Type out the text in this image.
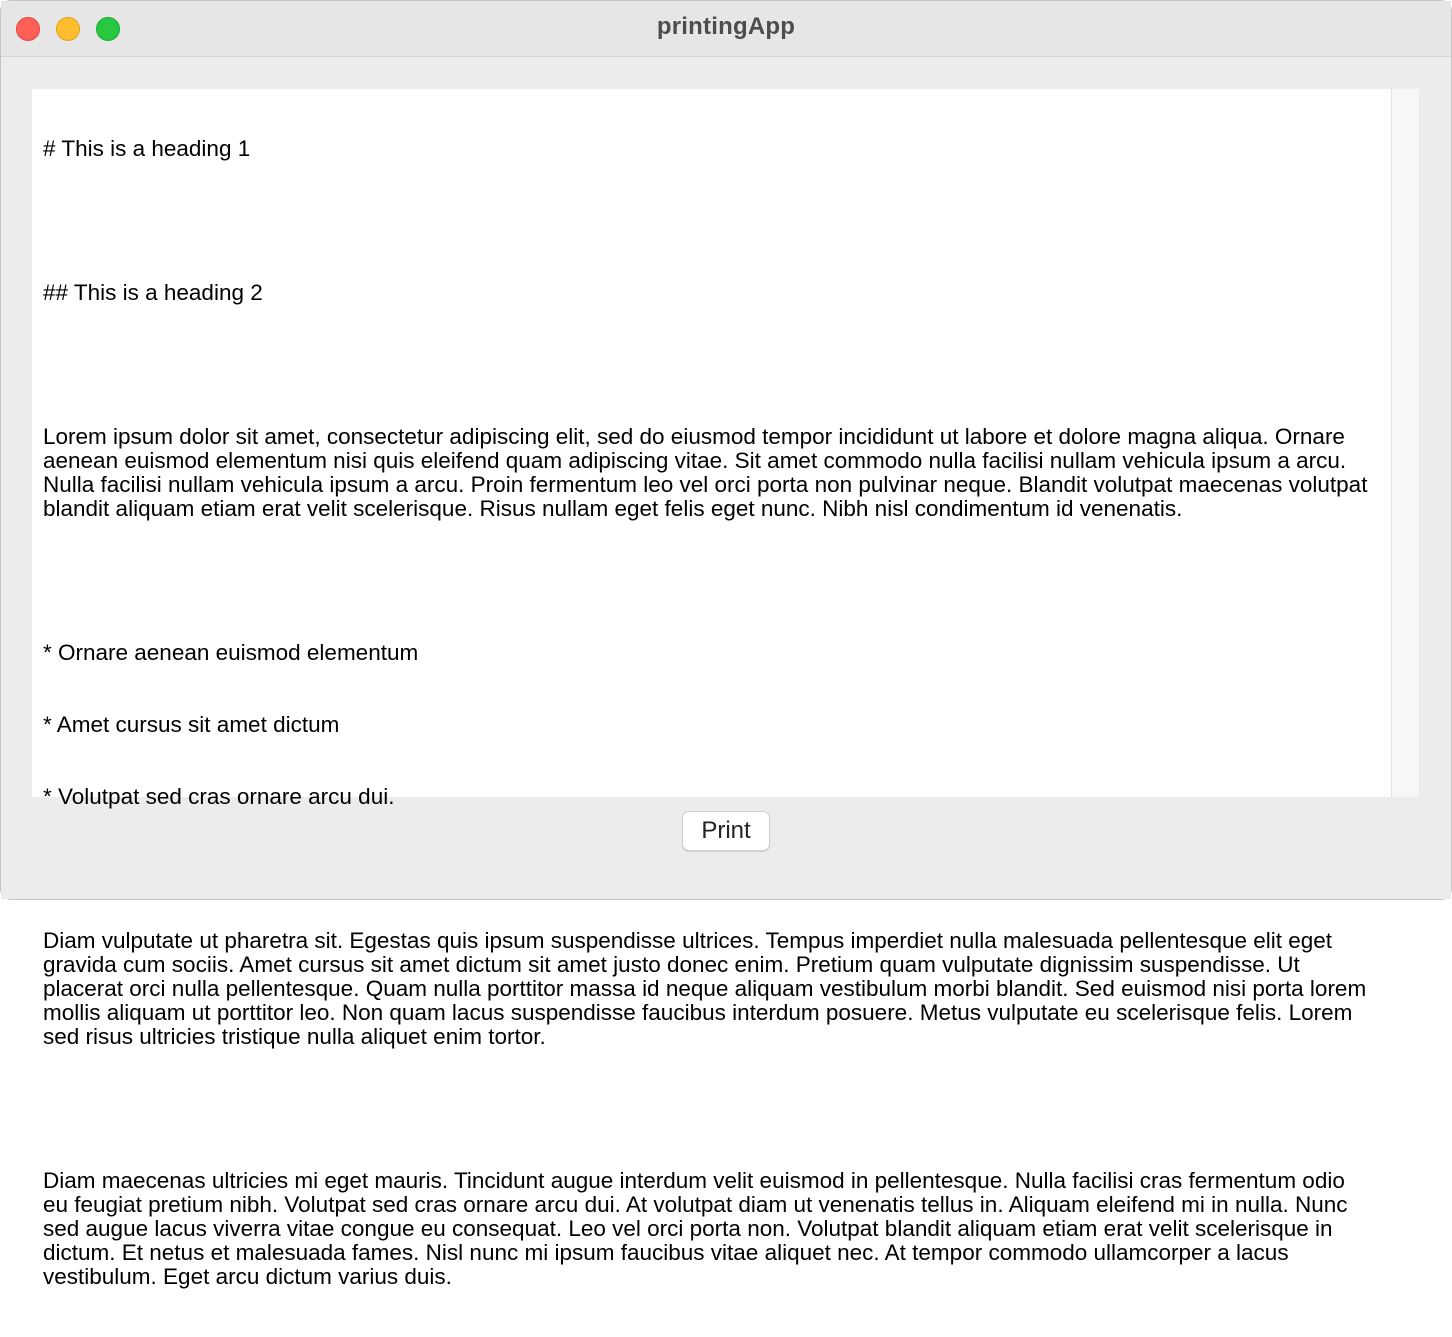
printingApp

# This is a heading 1

## This is a heading 2

Lorem ipsum dolor sit amet, consectetur adipiscing elit, sed do eiusmod tempor incididunt ut labore et dolore magna aliqua. Ornare aenean euismod elementum nisi quis eleifend quam adipiscing vitae. Sit amet commodo nulla facilisi nullam vehicula ipsum a arcu. Nulla facilisi nullam vehicula ipsum a arcu. Proin fermentum leo vel orci porta non pulvinar neque. Blandit volutpat maecenas volutpat blandit aliquam etiam erat velit scelerisque. Risus nullam eget felis eget nunc. Nibh nisl condimentum id venenatis.

* Ornare aenean euismod elementum

* Amet cursus sit amet dictum

* Volutpat sed cras ornare arcu dui.

Diam vulputate ut pharetra sit. Egestas quis ipsum suspendisse ultrices. Tempus imperdiet nulla malesuada pellentesque elit eget gravida cum sociis. Amet cursus sit amet dictum sit amet justo donec enim. Pretium quam vulputate dignissim suspendisse. Ut placerat orci nulla pellentesque. Quam nulla porttitor massa id neque aliquam vestibulum morbi blandit. Sed euismod nisi porta lorem mollis aliquam ut porttitor leo. Non quam lacus suspendisse faucibus interdum posuere. Metus vulputate eu scelerisque felis. Lorem sed risus ultricies tristique nulla aliquet enim tortor.

Diam maecenas ultricies mi eget mauris. Tincidunt augue interdum velit euismod in pellentesque. Nulla facilisi cras fermentum odio eu feugiat pretium nibh. Volutpat sed cras ornare arcu dui. At volutpat diam ut venenatis tellus in. Aliquam eleifend mi in nulla. Nunc sed augue lacus viverra vitae congue eu consequat. Leo vel orci porta non. Volutpat blandit aliquam etiam erat velit scelerisque in dictum. Et netus et malesuada fames. Nisl nunc mi ipsum faucibus vitae aliquet nec. At tempor commodo ullamcorper a lacus vestibulum. Eget arcu dictum varius duis.

Print
